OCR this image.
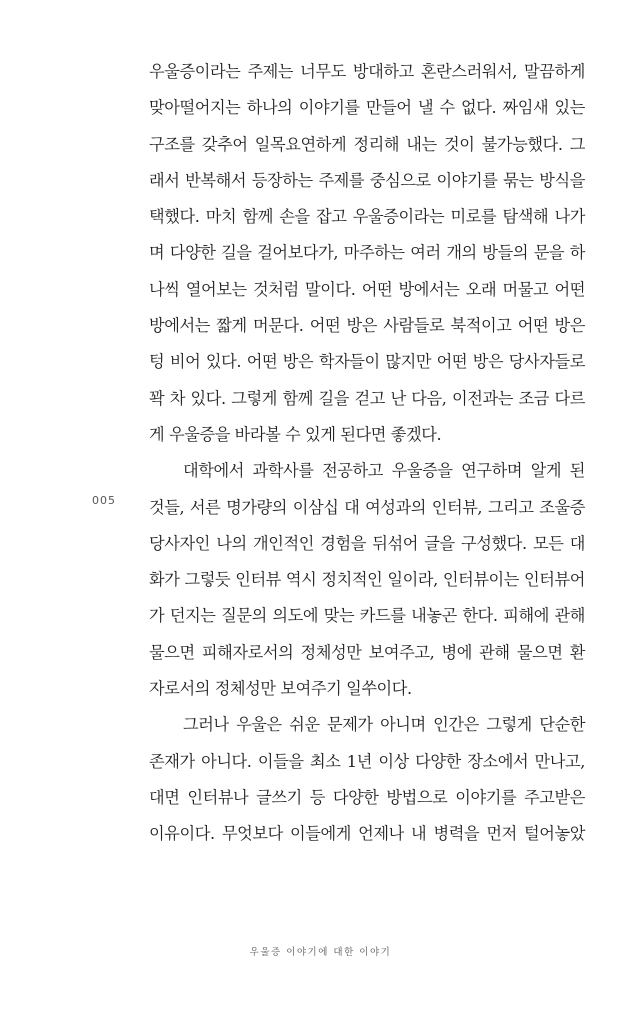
우울증이라는 주제는 너무도 방대하고 혼란스러워서, 말끔하게
맞아떨어지는 하나의 이야기를 만들어 낼 수 없다. 짜임새 있는
구조를 갖추어 일목요연하게 정리해 내는 것이 불가능했다. 그
래서 반복해서 등장하는 주제를 중심으로 이야기를 묶는 방식을
택했다. 마치 함께 손을 잡고 우울증이라는 미로를 탐색해 나가
며 다양한 길을 걸어보다가, 마주하는 여러 개의 방들의 문을 하
나씩 열어보는 것처럼 말이다. 어떤 방에서는 오래 머물고 어떤
방에서는 짧게 머문다. 어떤 방은 사람들로 북적이고 어떤 방은
텅 비어 있다. 어떤 방은 학자들이 많지만 어떤 방은 당사자들로
꽉 차 있다. 그렇게 함께 길을 걷고 난 다음, 이전과는 조금 다르
게 우울증을 바라볼 수 있게 된다면 좋겠다.
대학에서 과학사를 전공하고 우울증을 연구하며 알게 된
것들, 서른 명가량의 이삼십 대 여성과의 인터뷰, 그리고 조울증
당사자인 나의 개인적인 경험을 뒤섞어 글을 구성했다. 모든 대
화가 그렇듯 인터뷰 역시 정치적인 일이라, 인터뷰이는 인터뷰어
가 던지는 질문의 의도에 맞는 카드를 내놓곤 한다. 피해에 관해
물으면 피해자로서의 정체성만 보여주고, 병에 관해 물으면 환
자로서의 정체성만 보여주기 일쑤이다.
그러나 우울은 쉬운 문제가 아니며 인간은 그렇게 단순한
존재가 아니다. 이들을 최소 1년 이상 다양한 장소에서 만나고,
대면 인터뷰나 글쓰기 등 다양한 방법으로 이야기를 주고받은
이유이다. 무엇보다 이들에게 언제나 내 병력을 먼저 털어놓았
005
우울증 이야기에 대한 이야기
